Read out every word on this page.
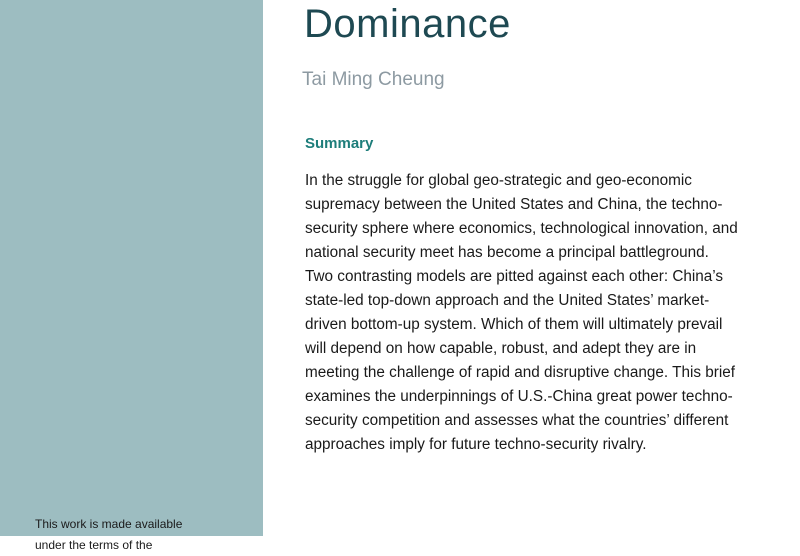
This work is made available
under the terms of the
Dominance
Tai Ming Cheung
Summary
In the struggle for global geo-strategic and geo-economic
supremacy between the United States and China, the techno-
security sphere where economics, technological innovation, and
national security meet has become a principal battleground.
Two contrasting models are pitted against each other: China’s
state-led top-down approach and the United States’ market-
driven bottom-up system. Which of them will ultimately prevail
will depend on how capable, robust, and adept they are in
meeting the challenge of rapid and disruptive change. This brief
examines the underpinnings of U.S.-China great power techno-
security competition and assesses what the countries’ different
approaches imply for future techno-security rivalry.
